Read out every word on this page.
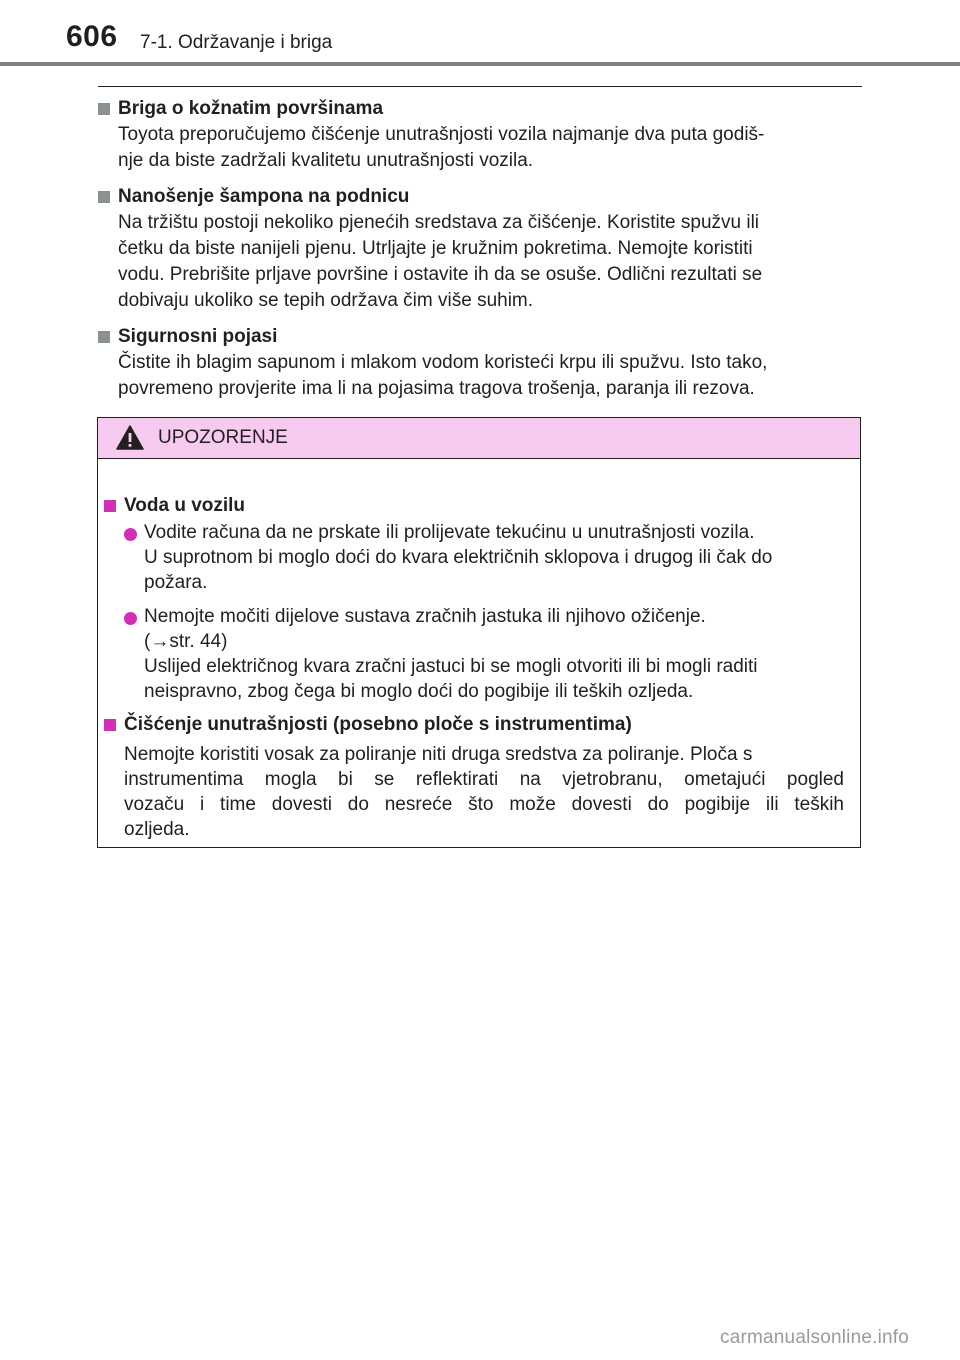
606 7-1. Održavanje i briga
Briga o kožnatim površinama
Toyota preporučujemo čišćenje unutrašnjosti vozila najmanje dva puta godiš-
nje da biste zadržali kvalitetu unutrašnjosti vozila.
Nanošenje šampona na podnicu
Na tržištu postoji nekoliko pjenećih sredstava za čišćenje. Koristite spužvu ili
četku da biste nanijeli pjenu. Utrljajte je kružnim pokretima. Nemojte koristiti
vodu. Prebrišite prljave površine i ostavite ih da se osuše. Odlični rezultati se
dobivaju ukoliko se tepih održava čim više suhim.
Sigurnosni pojasi
Čistite ih blagim sapunom i mlakom vodom koristeći krpu ili spužvu. Isto tako,
povremeno provjerite ima li na pojasima tragova trošenja, paranja ili rezova.
UPOZORENJE
Voda u vozilu
Vodite računa da ne prskate ili prolijevate tekućinu u unutrašnjosti vozila.
U suprotnom bi moglo doći do kvara električnih sklopova i drugog ili čak do
požara.
Nemojte močiti dijelove sustava zračnih jastuka ili njihovo ožičenje.
(→str. 44)
Uslijed električnog kvara zračni jastuci bi se mogli otvoriti ili bi mogli raditi
neispravno, zbog čega bi moglo doći do pogibije ili teških ozljeda.
Čišćenje unutrašnjosti (posebno ploče s instrumentima)
Nemojte koristiti vosak za poliranje niti druga sredstva za poliranje. Ploča s
instrumentima mogla bi se reflektirati na vjetrobranu, ometajući pogled
vozaču i time dovesti do nesreće što može dovesti do pogibije ili teških
ozljeda.
carmanualsonline.info
